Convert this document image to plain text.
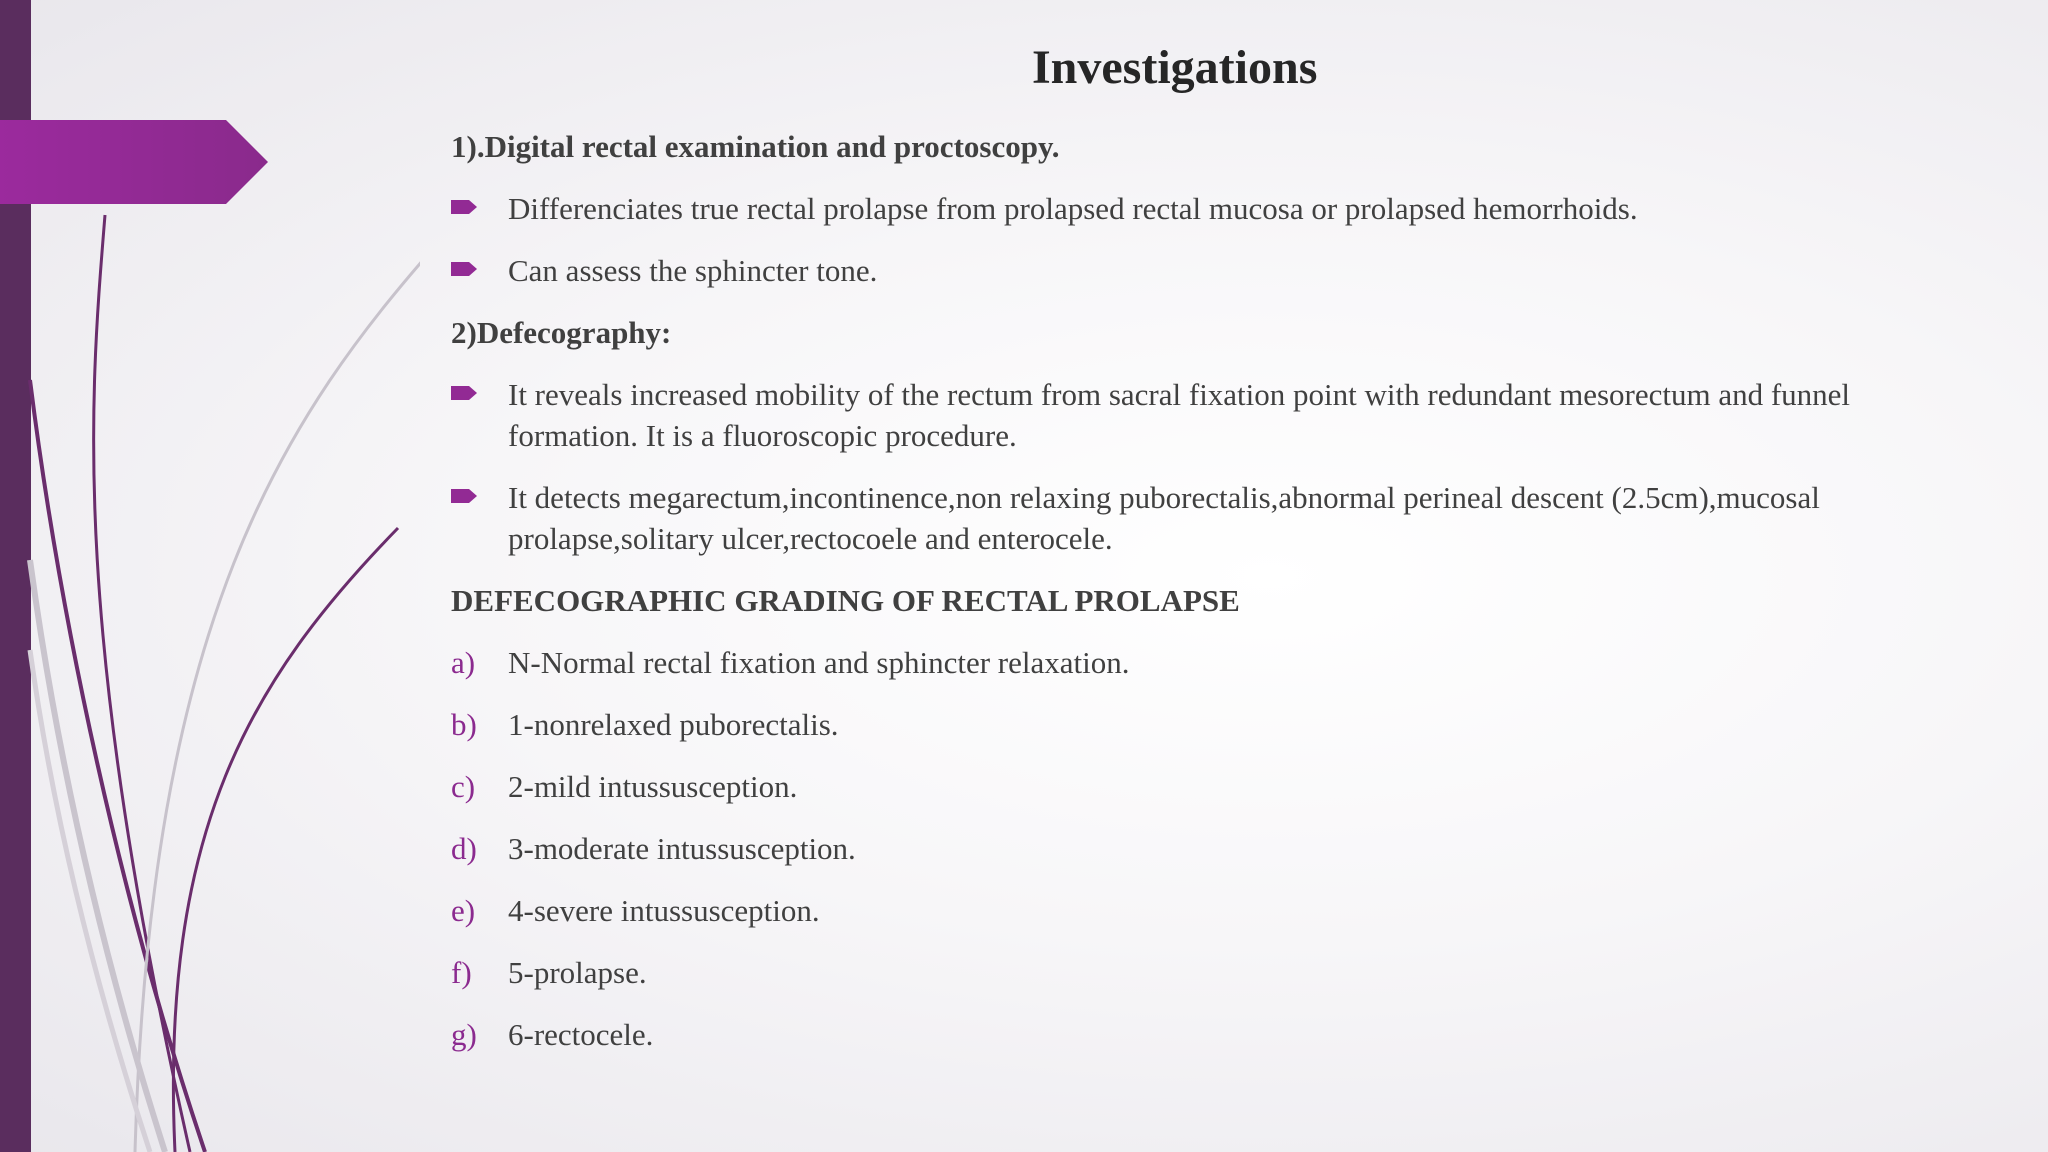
Investigations
1).Digital rectal examination and proctoscopy.
Differenciates true rectal prolapse from prolapsed rectal mucosa or prolapsed hemorrhoids.
Can assess the sphincter tone.
2)Defecography:
It reveals increased mobility of the rectum from sacral fixation point with redundant mesorectum and funnel formation. It is a fluoroscopic procedure.
It detects megarectum,incontinence,non relaxing puborectalis,abnormal perineal descent (2.5cm),mucosal prolapse,solitary ulcer,rectocoele and enterocele.
DEFECOGRAPHIC GRADING OF RECTAL PROLAPSE
a) N-Normal rectal fixation and sphincter relaxation.
b) 1-nonrelaxed puborectalis.
c) 2-mild intussusception.
d) 3-moderate intussusception.
e) 4-severe intussusception.
f) 5-prolapse.
g) 6-rectocele.
